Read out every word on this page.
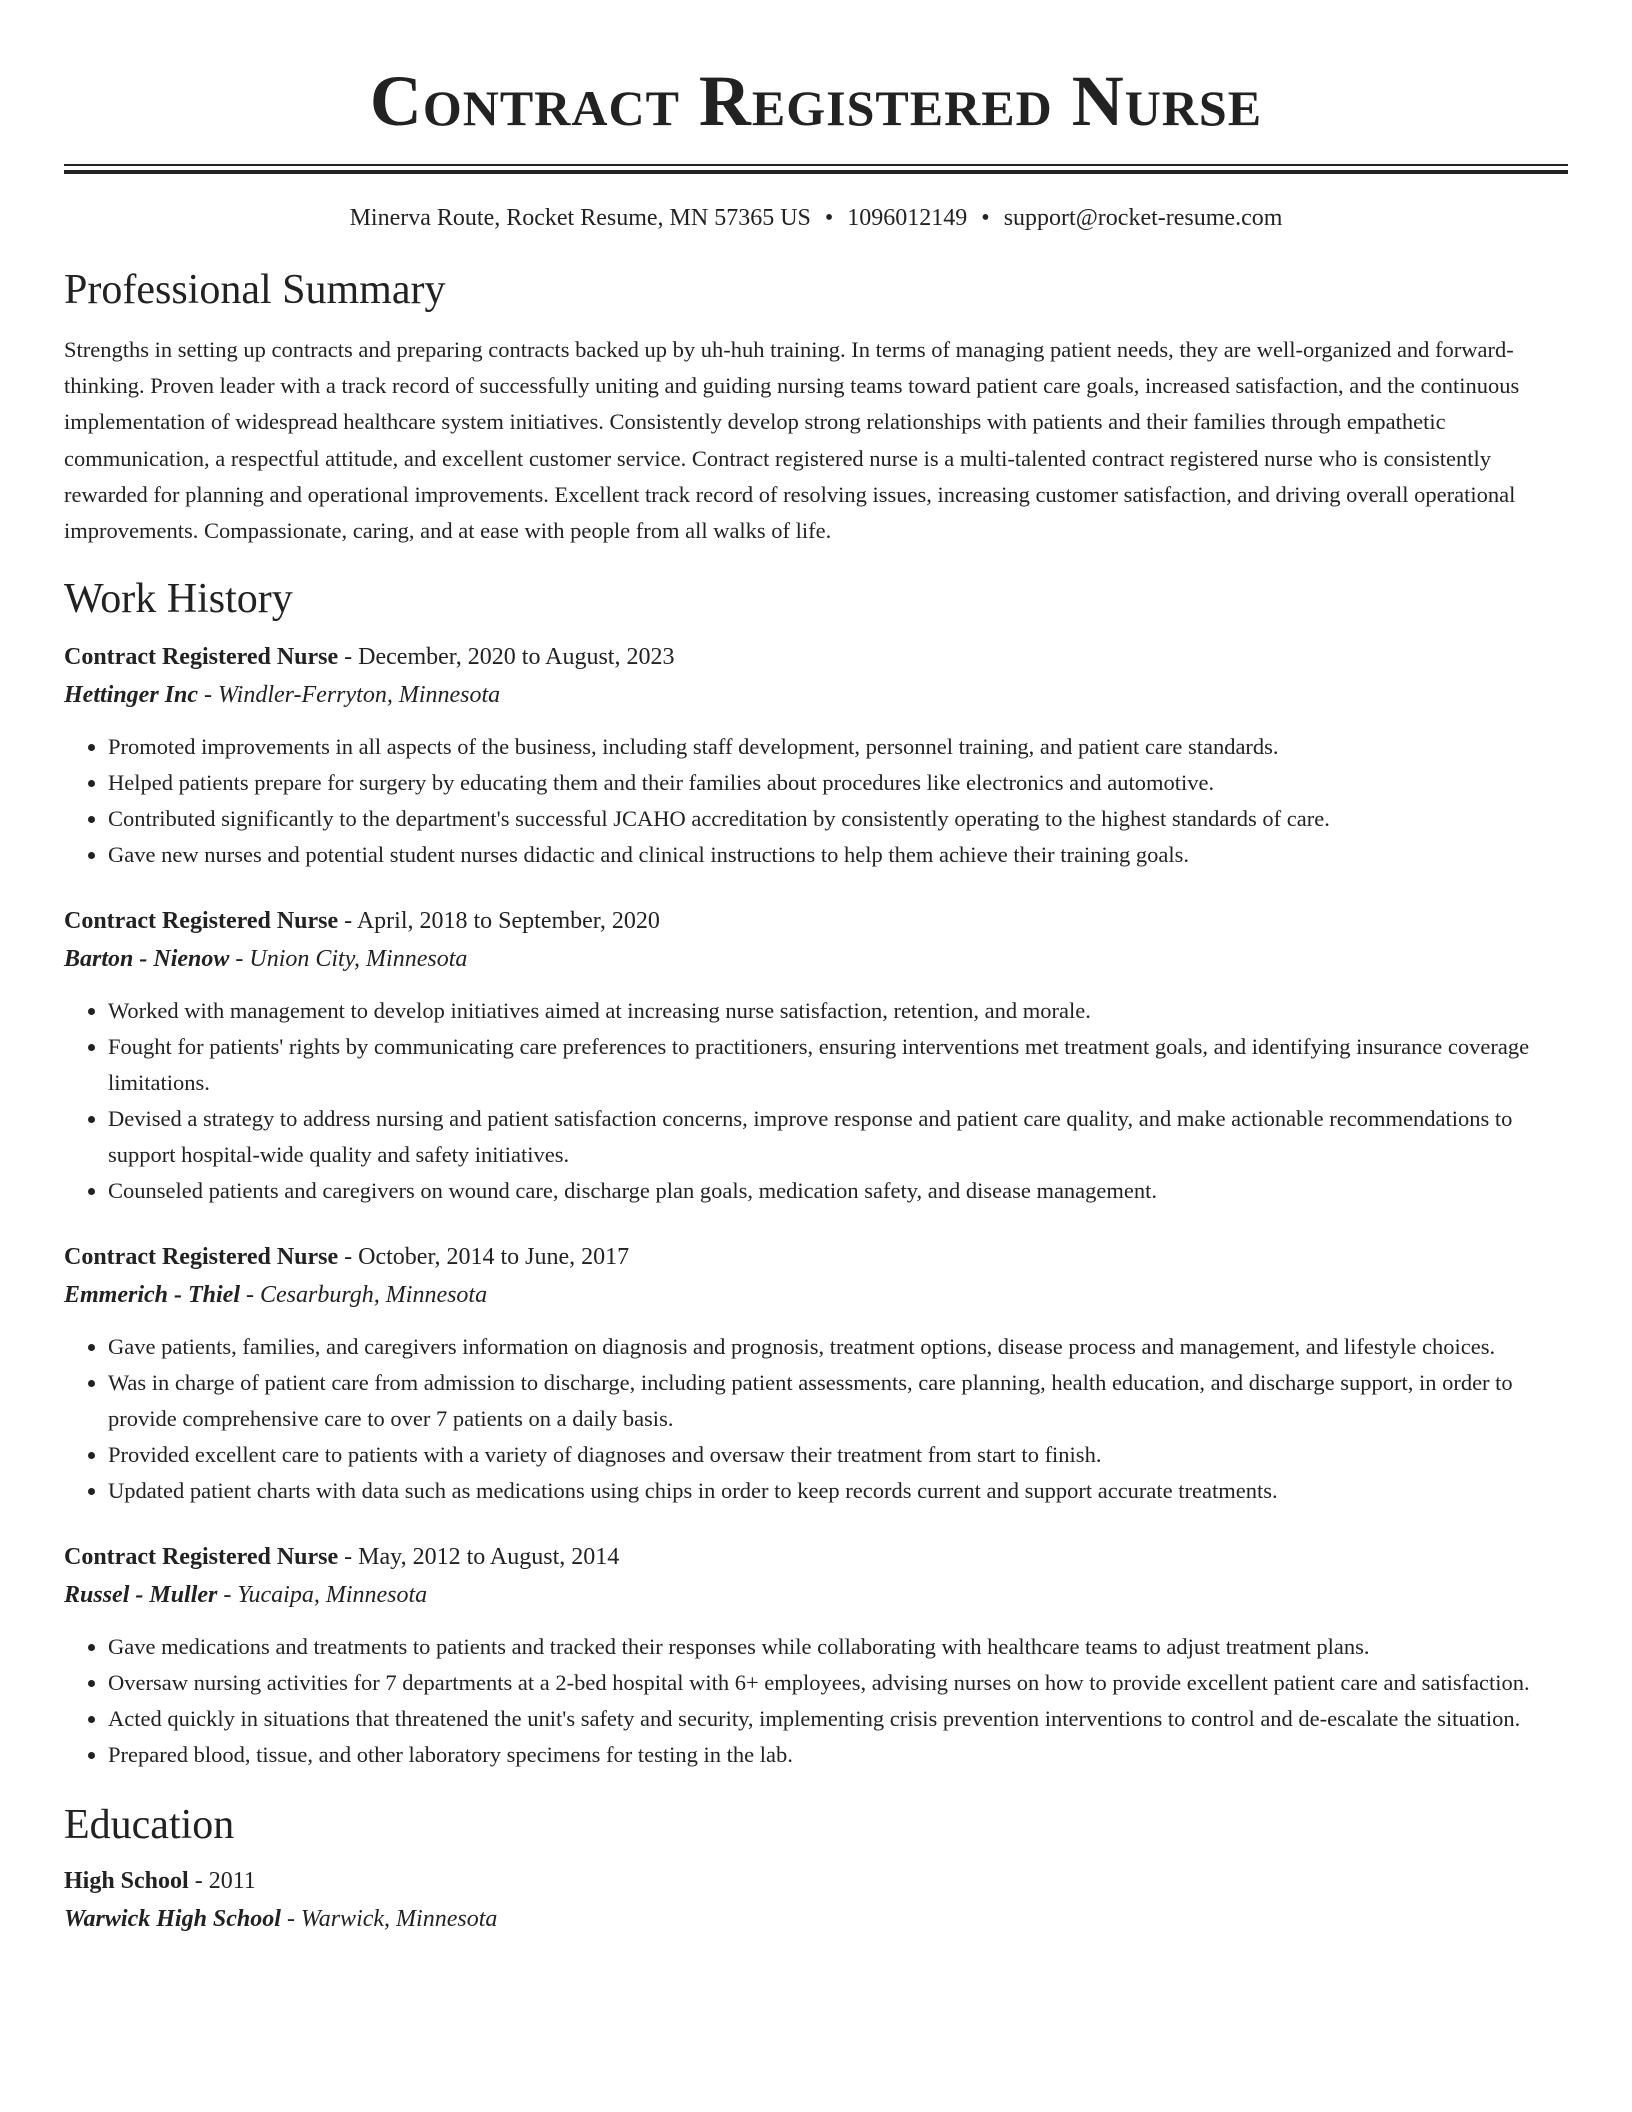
Contract Registered Nurse
Minerva Route, Rocket Resume, MN 57365 US • 1096012149 • support@rocket-resume.com
Professional Summary
Strengths in setting up contracts and preparing contracts backed up by uh-huh training. In terms of managing patient needs, they are well-organized and forward-thinking. Proven leader with a track record of successfully uniting and guiding nursing teams toward patient care goals, increased satisfaction, and the continuous implementation of widespread healthcare system initiatives. Consistently develop strong relationships with patients and their families through empathetic communication, a respectful attitude, and excellent customer service. Contract registered nurse is a multi-talented contract registered nurse who is consistently rewarded for planning and operational improvements. Excellent track record of resolving issues, increasing customer satisfaction, and driving overall operational improvements. Compassionate, caring, and at ease with people from all walks of life.
Work History
Contract Registered Nurse - December, 2020 to August, 2023
Hettinger Inc - Windler-Ferryton, Minnesota
• Promoted improvements in all aspects of the business, including staff development, personnel training, and patient care standards.
• Helped patients prepare for surgery by educating them and their families about procedures like electronics and automotive.
• Contributed significantly to the department's successful JCAHO accreditation by consistently operating to the highest standards of care.
• Gave new nurses and potential student nurses didactic and clinical instructions to help them achieve their training goals.
Contract Registered Nurse - April, 2018 to September, 2020
Barton - Nienow - Union City, Minnesota
• Worked with management to develop initiatives aimed at increasing nurse satisfaction, retention, and morale.
• Fought for patients' rights by communicating care preferences to practitioners, ensuring interventions met treatment goals, and identifying insurance coverage limitations.
• Devised a strategy to address nursing and patient satisfaction concerns, improve response and patient care quality, and make actionable recommendations to support hospital-wide quality and safety initiatives.
• Counseled patients and caregivers on wound care, discharge plan goals, medication safety, and disease management.
Contract Registered Nurse - October, 2014 to June, 2017
Emmerich - Thiel - Cesarburgh, Minnesota
• Gave patients, families, and caregivers information on diagnosis and prognosis, treatment options, disease process and management, and lifestyle choices.
• Was in charge of patient care from admission to discharge, including patient assessments, care planning, health education, and discharge support, in order to provide comprehensive care to over 7 patients on a daily basis.
• Provided excellent care to patients with a variety of diagnoses and oversaw their treatment from start to finish.
• Updated patient charts with data such as medications using chips in order to keep records current and support accurate treatments.
Contract Registered Nurse - May, 2012 to August, 2014
Russel - Muller - Yucaipa, Minnesota
• Gave medications and treatments to patients and tracked their responses while collaborating with healthcare teams to adjust treatment plans.
• Oversaw nursing activities for 7 departments at a 2-bed hospital with 6+ employees, advising nurses on how to provide excellent patient care and satisfaction.
• Acted quickly in situations that threatened the unit's safety and security, implementing crisis prevention interventions to control and de-escalate the situation.
• Prepared blood, tissue, and other laboratory specimens for testing in the lab.
Education
High School - 2011
Warwick High School - Warwick, Minnesota
